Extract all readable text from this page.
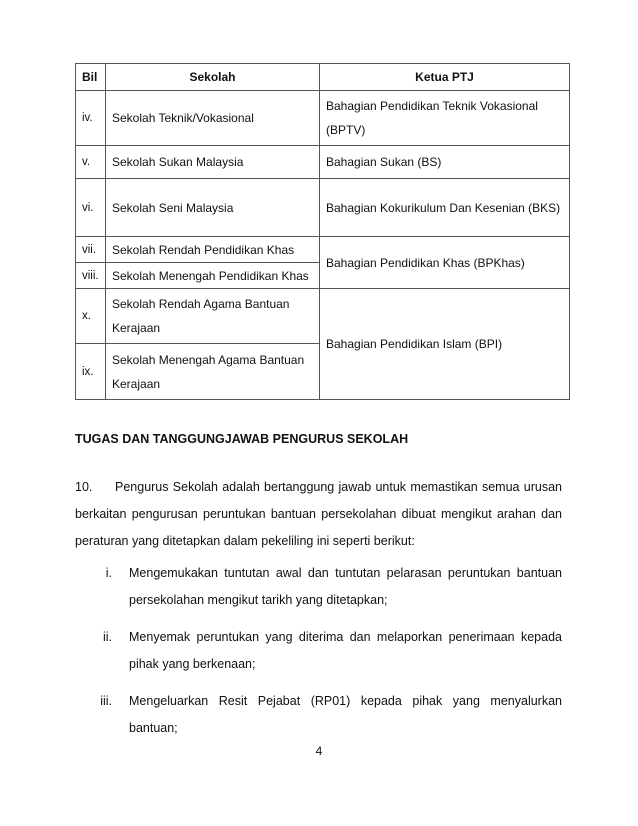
Bil	Sekolah	Ketua PTJ
iv.	Sekolah Teknik/Vokasional	Bahagian Pendidikan Teknik Vokasional (BPTV)
v.	Sekolah Sukan Malaysia	Bahagian Sukan (BS)
vi.	Sekolah Seni Malaysia	Bahagian Kokurikulum Dan Kesenian (BKS)
vii.	Sekolah Rendah Pendidikan Khas	Bahagian Pendidikan Khas (BPKhas)
viii.	Sekolah Menengah Pendidikan Khas	
x.	Sekolah Rendah Agama Bantuan Kerajaan	Bahagian Pendidikan Islam (BPI)
ix.	Sekolah Menengah Agama Bantuan Kerajaan	
TUGAS DAN TANGGUNGJAWAB PENGURUS SEKOLAH
10. Pengurus Sekolah adalah bertanggung jawab untuk memastikan semua urusan berkaitan pengurusan peruntukan bantuan persekolahan dibuat mengikut arahan dan peraturan yang ditetapkan dalam pekeliling ini seperti berikut:
i. Mengemukakan tuntutan awal dan tuntutan pelarasan peruntukan bantuan persekolahan mengikut tarikh yang ditetapkan;
ii. Menyemak peruntukan yang diterima dan melaporkan penerimaan kepada pihak yang berkenaan;
iii. Mengeluarkan Resit Pejabat (RP01) kepada pihak yang menyalurkan bantuan;
4
